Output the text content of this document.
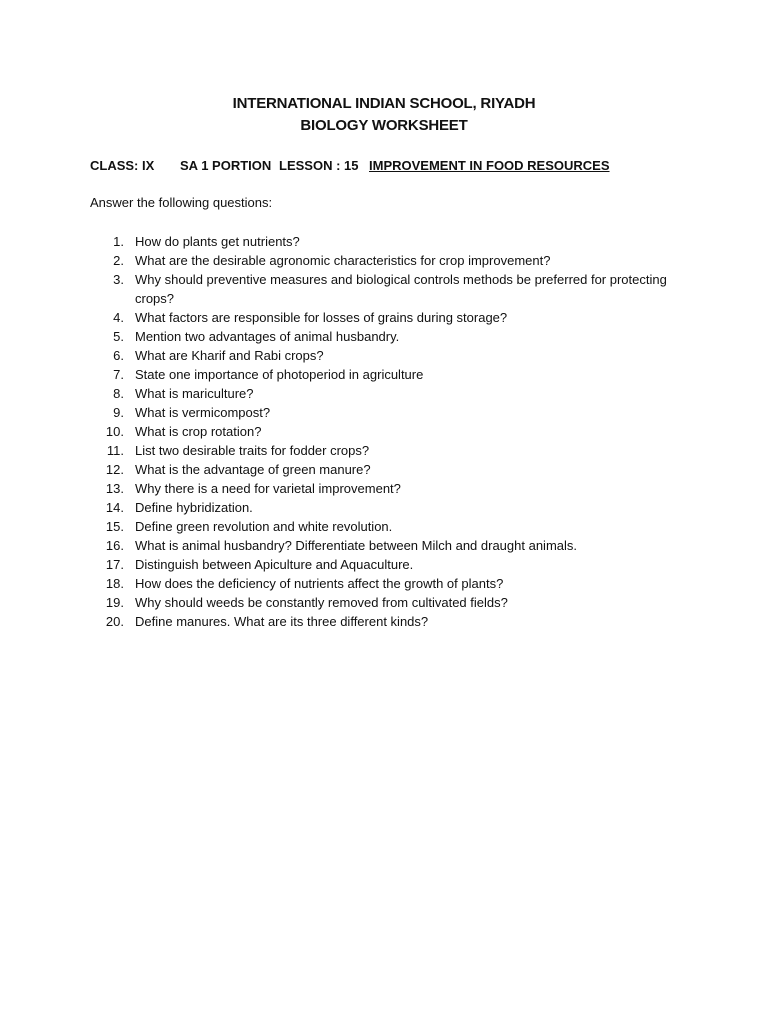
INTERNATIONAL INDIAN SCHOOL, RIYADH
BIOLOGY WORKSHEET
CLASS: IX SA 1 PORTION LESSON : 15 IMPROVEMENT IN FOOD RESOURCES
Answer the following questions:
1. How do plants get nutrients?
2. What are the desirable agronomic characteristics for crop improvement?
3. Why should preventive measures and biological controls methods be preferred for protecting crops?
4. What factors are responsible for losses of grains during storage?
5. Mention two advantages of animal husbandry.
6. What are Kharif and Rabi crops?
7. State one importance of photoperiod in agriculture
8. What is mariculture?
9. What is vermicompost?
10. What is crop rotation?
11. List two desirable traits for fodder crops?
12. What is the advantage of green manure?
13. Why there is a need for varietal improvement?
14. Define hybridization.
15. Define green revolution and white revolution.
16. What is animal husbandry? Differentiate between Milch and draught animals.
17. Distinguish between Apiculture and Aquaculture.
18. How does the deficiency of nutrients affect the growth of plants?
19. Why should weeds be constantly removed from cultivated fields?
20. Define manures. What are its three different kinds?
